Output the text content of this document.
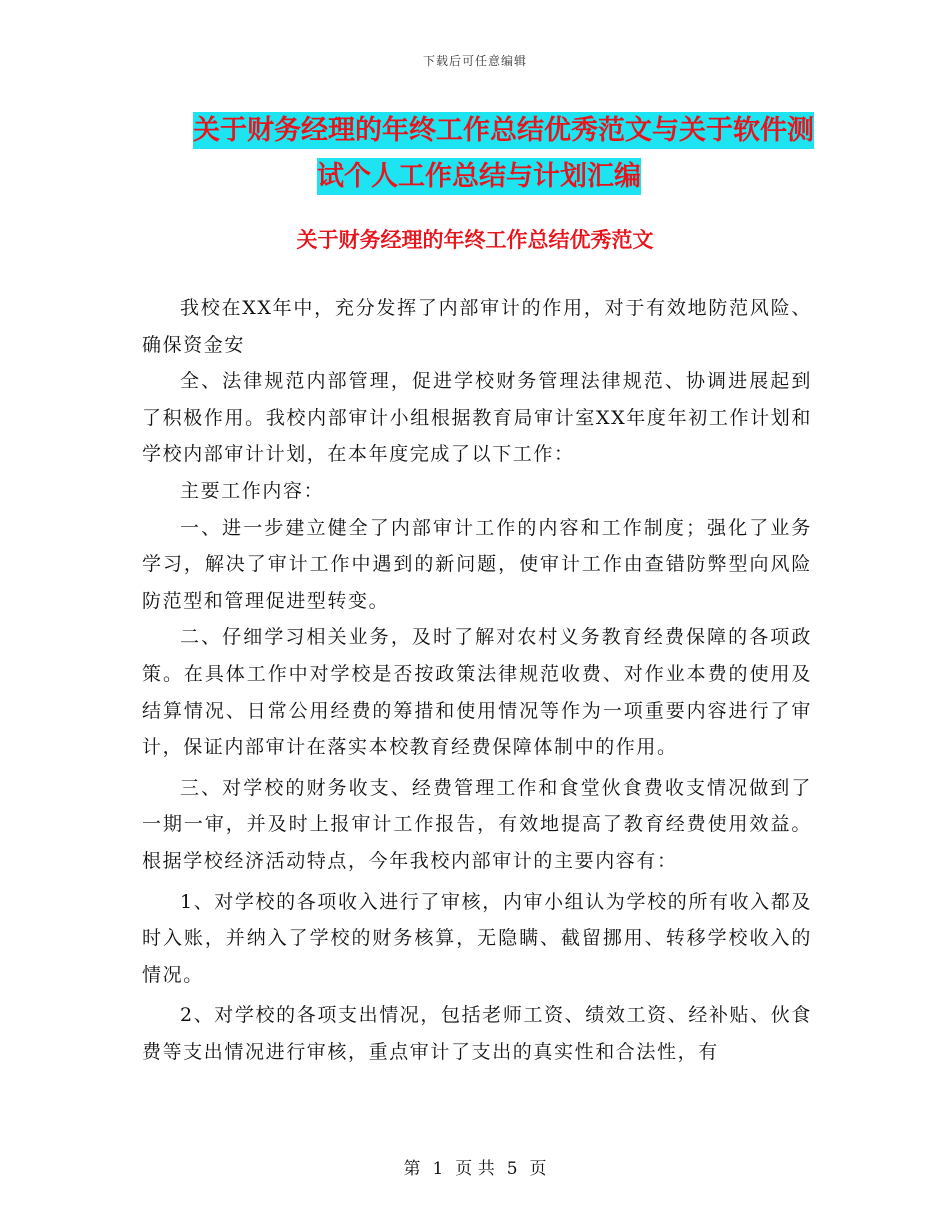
下载后可任意编辑
关于财务经理的年终工作总结优秀范文与关于软件测
试个人工作总结与计划汇编
关于财务经理的年终工作总结优秀范文

我校在XX年中，充分发挥了内部审计的作用，对于有效地防范风险、确保资金安

全、法律规范内部管理，促进学校财务管理法律规范、协调进展起到了积极作用。我校内部审计小组根据教育局审计室XX年度年初工作计划和学校内部审计计划，在本年度完成了以下工作：

主要工作内容：

一、进一步建立健全了内部审计工作的内容和工作制度；强化了业务学习，解决了审计工作中遇到的新问题，使审计工作由查错防弊型向风险防范型和管理促进型转变。

二、仔细学习相关业务，及时了解对农村义务教育经费保障的各项政策。在具体工作中对学校是否按政策法律规范收费、对作业本费的使用及结算情况、日常公用经费的筹措和使用情况等作为一项重要内容进行了审计，保证内部审计在落实本校教育经费保障体制中的作用。

三、对学校的财务收支、经费管理工作和食堂伙食费收支情况做到了一期一审，并及时上报审计工作报告，有效地提高了教育经费使用效益。根据学校经济活动特点，今年我校内部审计的主要内容有：

1、对学校的各项收入进行了审核，内审小组认为学校的所有收入都及时入账，并纳入了学校的财务核算，无隐瞒、截留挪用、转移学校收入的情况。

2、对学校的各项支出情况，包括老师工资、绩效工资、经补贴、伙食费等支出情况进行审核，重点审计了支出的真实性和合法性，有

第 1 页 共 5 页
